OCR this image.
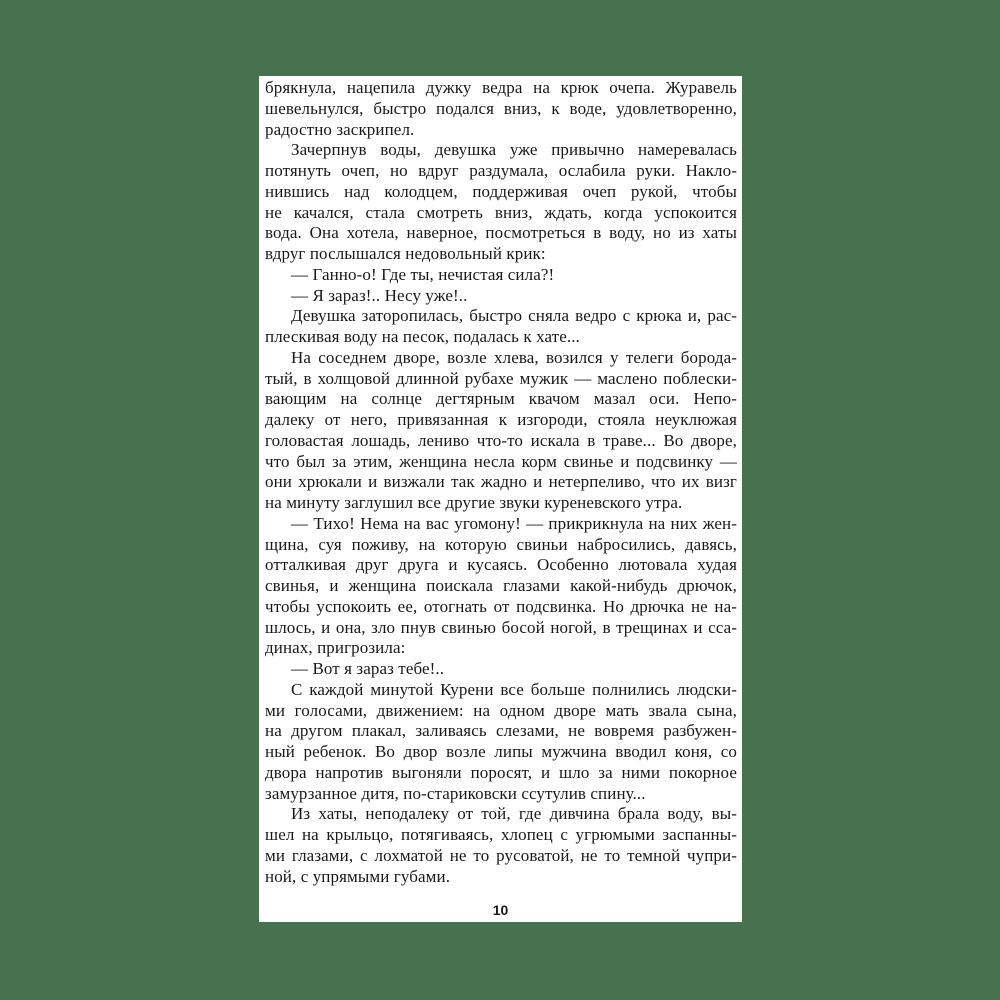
брякнула, нацепила дужку ведра на крюк очепа. Журавель
шевельнулся, быстро подался вниз, к воде, удовлетворенно,
радостно заскрипел.
Зачерпнув воды, девушка уже привычно намеревалась
потянуть очеп, но вдруг раздумала, ослабила руки. Накло-
нившись над колодцем, поддерживая очеп рукой, чтобы
не качался, стала смотреть вниз, ждать, когда успокоится
вода. Она хотела, наверное, посмотреться в воду, но из хаты
вдруг послышался недовольный крик:
— Ганно-о! Где ты, нечистая сила?!
— Я зараз!.. Несу уже!..
Девушка заторопилась, быстро сняла ведро с крюка и, рас-
плескивая воду на песок, подалась к хате...
На соседнем дворе, возле хлева, возился у телеги борода-
тый, в холщовой длинной рубахе мужик — маслено поблески-
вающим на солнце дегтярным квачом мазал оси. Непо-
далеку от него, привязанная к изгороди, стояла неуклюжая
головастая лошадь, лениво что-то искала в траве... Во дворе,
что был за этим, женщина несла корм свинье и подсвинку —
они хрюкали и визжали так жадно и нетерпеливо, что их визг
на минуту заглушил все другие звуки куреневского утра.
— Тихо! Нема на вас угомону! — прикрикнула на них жен-
щина, суя поживу, на которую свиньи набросились, давясь,
отталкивая друг друга и кусаясь. Особенно лютовала худая
свинья, и женщина поискала глазами какой-нибудь дрючок,
чтобы успокоить ее, отогнать от подсвинка. Но дрючка не на-
шлось, и она, зло пнув свинью босой ногой, в трещинах и сса-
динах, пригрозила:
— Вот я зараз тебе!..
С каждой минутой Курени все больше полнились людски-
ми голосами, движением: на одном дворе мать звала сына,
на другом плакал, заливаясь слезами, не вовремя разбужен-
ный ребенок. Во двор возле липы мужчина вводил коня, со
двора напротив выгоняли поросят, и шло за ними покорное
замурзанное дитя, по-стариковски ссутулив спину...
Из хаты, неподалеку от той, где дивчина брала воду, вы-
шел на крыльцо, потягиваясь, хлопец с угрюмыми заспанны-
ми глазами, с лохматой не то русоватой, не то темной чупри-
ной, с упрямыми губами.
10
